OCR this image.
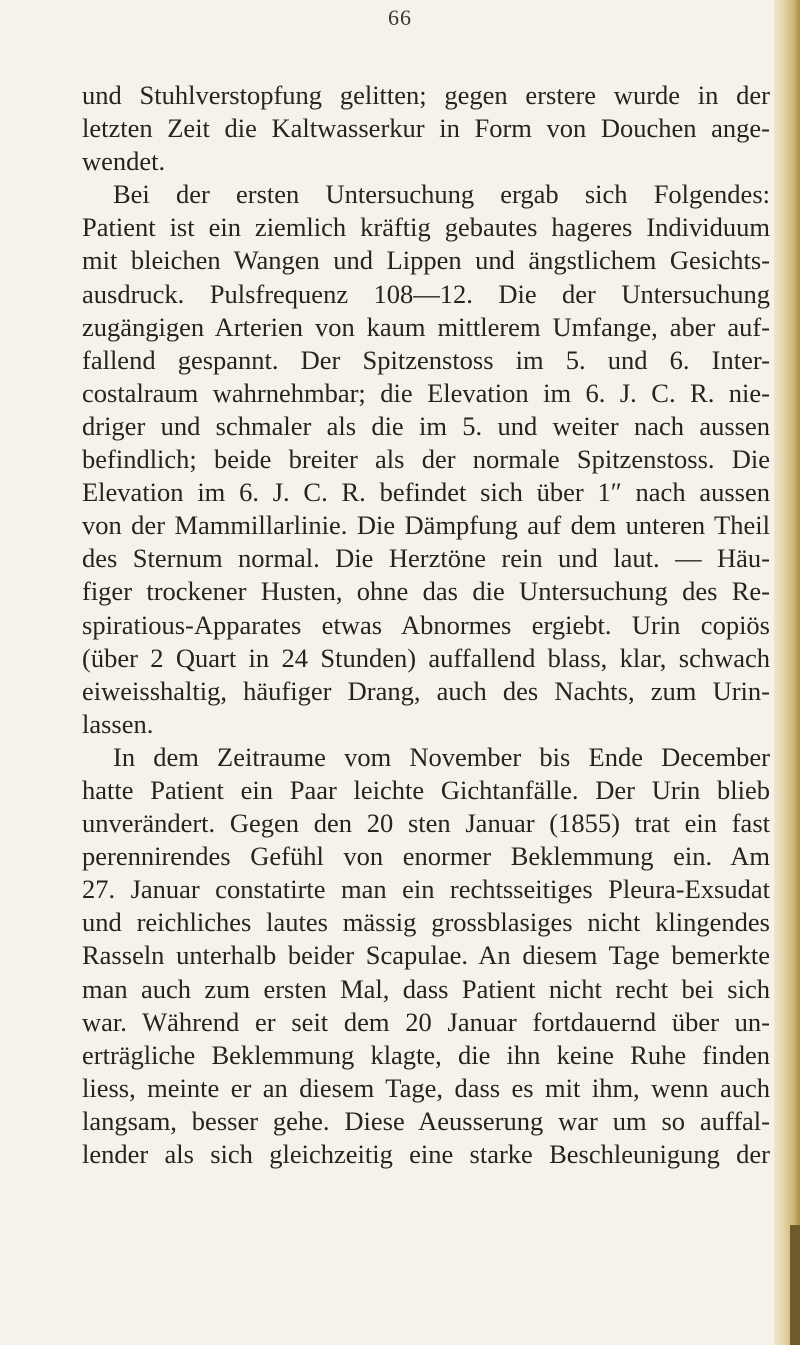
66
und Stuhlverstopfung gelitten; gegen erstere wurde in der
letzten Zeit die Kaltwasserkur in Form von Douchen ange-
wendet.
Bei der ersten Untersuchung ergab sich Folgendes:
Patient ist ein ziemlich kräftig gebautes hageres Individuum
mit bleichen Wangen und Lippen und ängstlichem Gesichts-
ausdruck. Pulsfrequenz 108—12. Die der Untersuchung
zugängigen Arterien von kaum mittlerem Umfange, aber auf-
fallend gespannt. Der Spitzenstoss im 5. und 6. Inter-
costalraum wahrnehmbar; die Elevation im 6. J. C. R. nie-
driger und schmaler als die im 5. und weiter nach aussen
befindlich; beide breiter als der normale Spitzenstoss. Die
Elevation im 6. J. C. R. befindet sich über 1″ nach aussen
von der Mammillarlinie. Die Dämpfung auf dem unteren Theil
des Sternum normal. Die Herztöne rein und laut. — Häu-
figer trockener Husten, ohne das die Untersuchung des Re-
spiratious-Apparates etwas Abnormes ergiebt. Urin copiös
(über 2 Quart in 24 Stunden) auffallend blass, klar, schwach
eiweisshaltig, häufiger Drang, auch des Nachts, zum Urin-
lassen.
In dem Zeitraume vom November bis Ende December
hatte Patient ein Paar leichte Gichtanfälle. Der Urin blieb
unverändert. Gegen den 20 sten Januar (1855) trat ein fast
perennirendes Gefühl von enormer Beklemmung ein. Am
27. Januar constatirte man ein rechtsseitiges Pleura-Exsudat
und reichliches lautes mässig grossblasiges nicht klingendes
Rasseln unterhalb beider Scapulae. An diesem Tage bemerkte
man auch zum ersten Mal, dass Patient nicht recht bei sich
war. Während er seit dem 20 Januar fortdauernd über un-
erträgliche Beklemmung klagte, die ihn keine Ruhe finden
liess, meinte er an diesem Tage, dass es mit ihm, wenn auch
langsam, besser gehe. Diese Aeusserung war um so auffal-
lender als sich gleichzeitig eine starke Beschleunigung der
